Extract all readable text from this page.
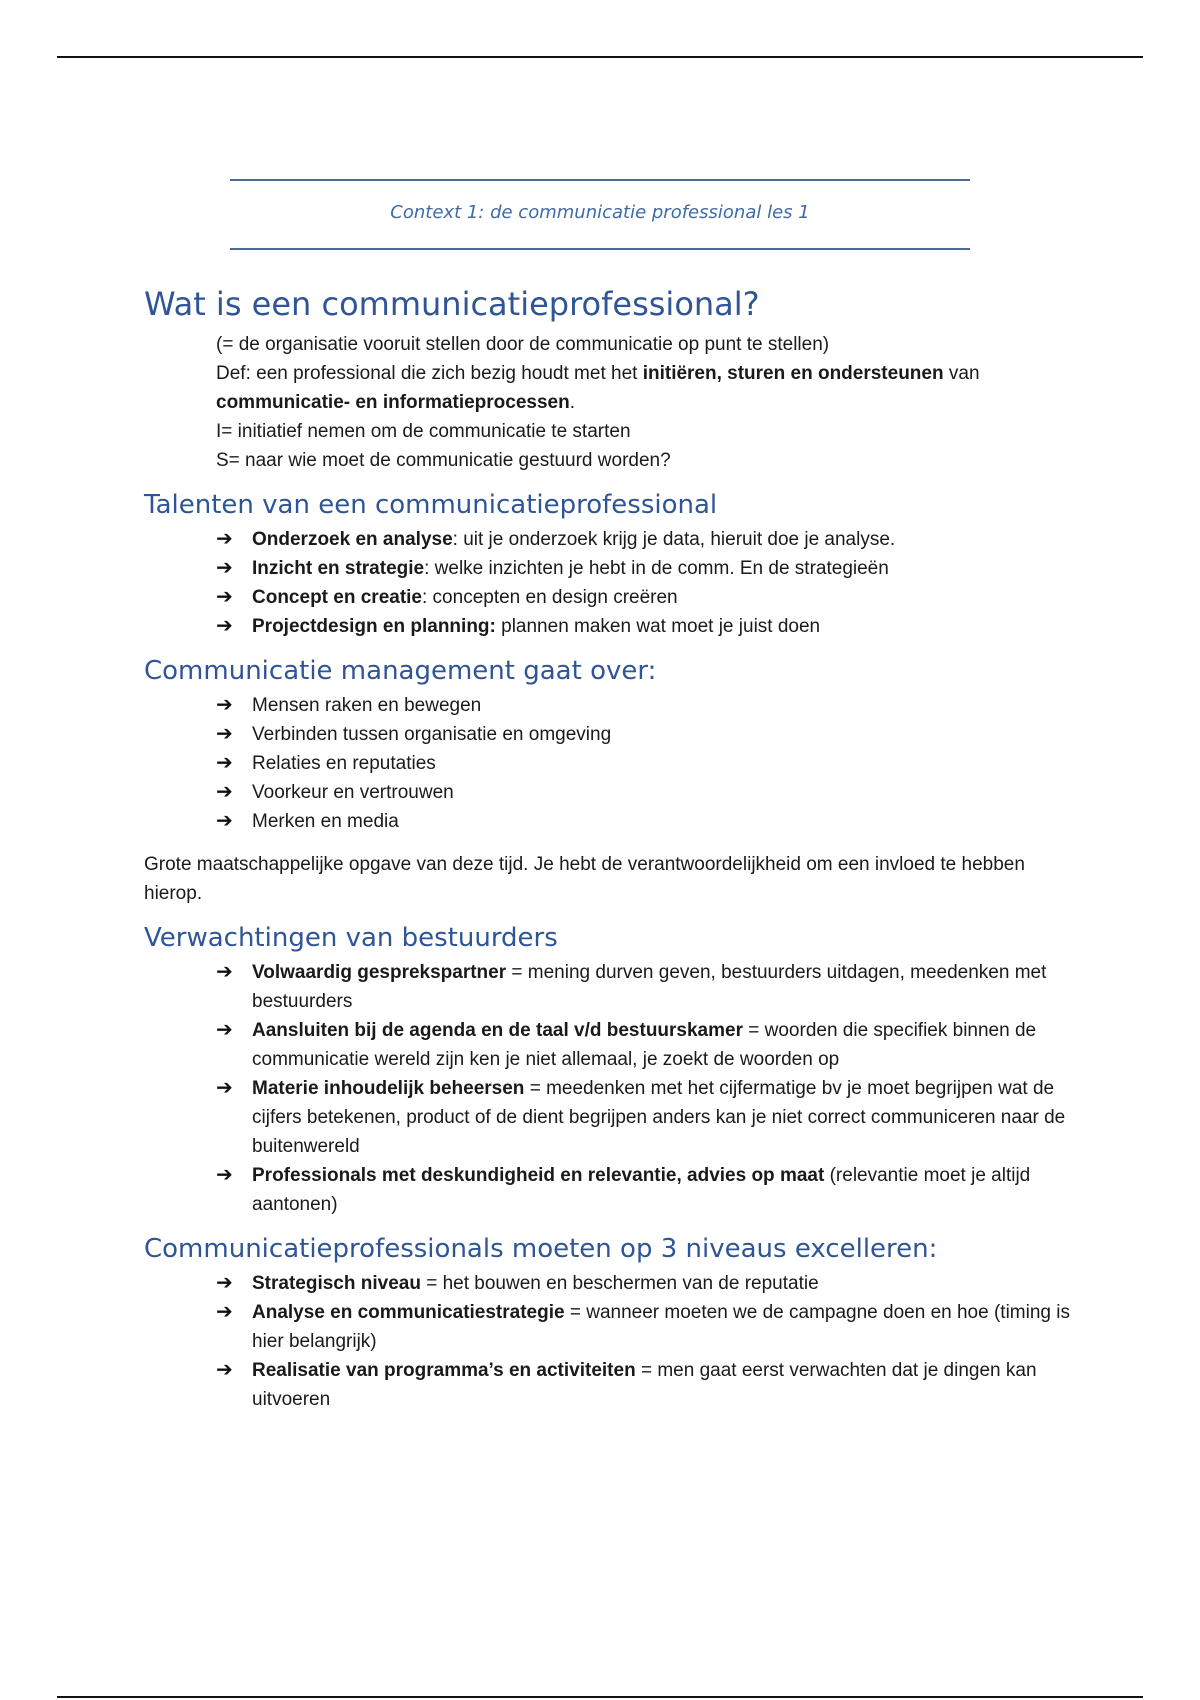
Context 1: de communicatie professional les 1
Wat is een communicatieprofessional?
(= de organisatie vooruit stellen door de communicatie op punt te stellen)
Def: een professional die zich bezig houdt met het initiëren, sturen en ondersteunen van
communicatie- en informatieprocessen.
I= initiatief nemen om de communicatie te starten
S= naar wie moet de communicatie gestuurd worden?
Talenten van een communicatieprofessional
➔ Onderzoek en analyse: uit je onderzoek krijg je data, hieruit doe je analyse.
➔ Inzicht en strategie: welke inzichten je hebt in de comm. En de strategieën
➔ Concept en creatie: concepten en design creëren
➔ Projectdesign en planning: plannen maken wat moet je juist doen
Communicatie management gaat over:
➔ Mensen raken en bewegen
➔ Verbinden tussen organisatie en omgeving
➔ Relaties en reputaties
➔ Voorkeur en vertrouwen
➔ Merken en media
Grote maatschappelijke opgave van deze tijd. Je hebt de verantwoordelijkheid om een invloed te hebben hierop.
Verwachtingen van bestuurders
➔ Volwaardig gesprekspartner = mening durven geven, bestuurders uitdagen, meedenken met bestuurders
➔ Aansluiten bij de agenda en de taal v/d bestuurskamer = woorden die specifiek binnen de communicatie wereld zijn ken je niet allemaal, je zoekt de woorden op
➔ Materie inhoudelijk beheersen = meedenken met het cijfermatige bv je moet begrijpen wat de cijfers betekenen, product of de dient begrijpen anders kan je niet correct communiceren naar de buitenwereld
➔ Professionals met deskundigheid en relevantie, advies op maat (relevantie moet je altijd aantonen)
Communicatieprofessionals moeten op 3 niveaus excelleren:
➔ Strategisch niveau = het bouwen en beschermen van de reputatie
➔ Analyse en communicatiestrategie = wanneer moeten we de campagne doen en hoe (timing is hier belangrijk)
➔ Realisatie van programma’s en activiteiten = men gaat eerst verwachten dat je dingen kan uitvoeren
